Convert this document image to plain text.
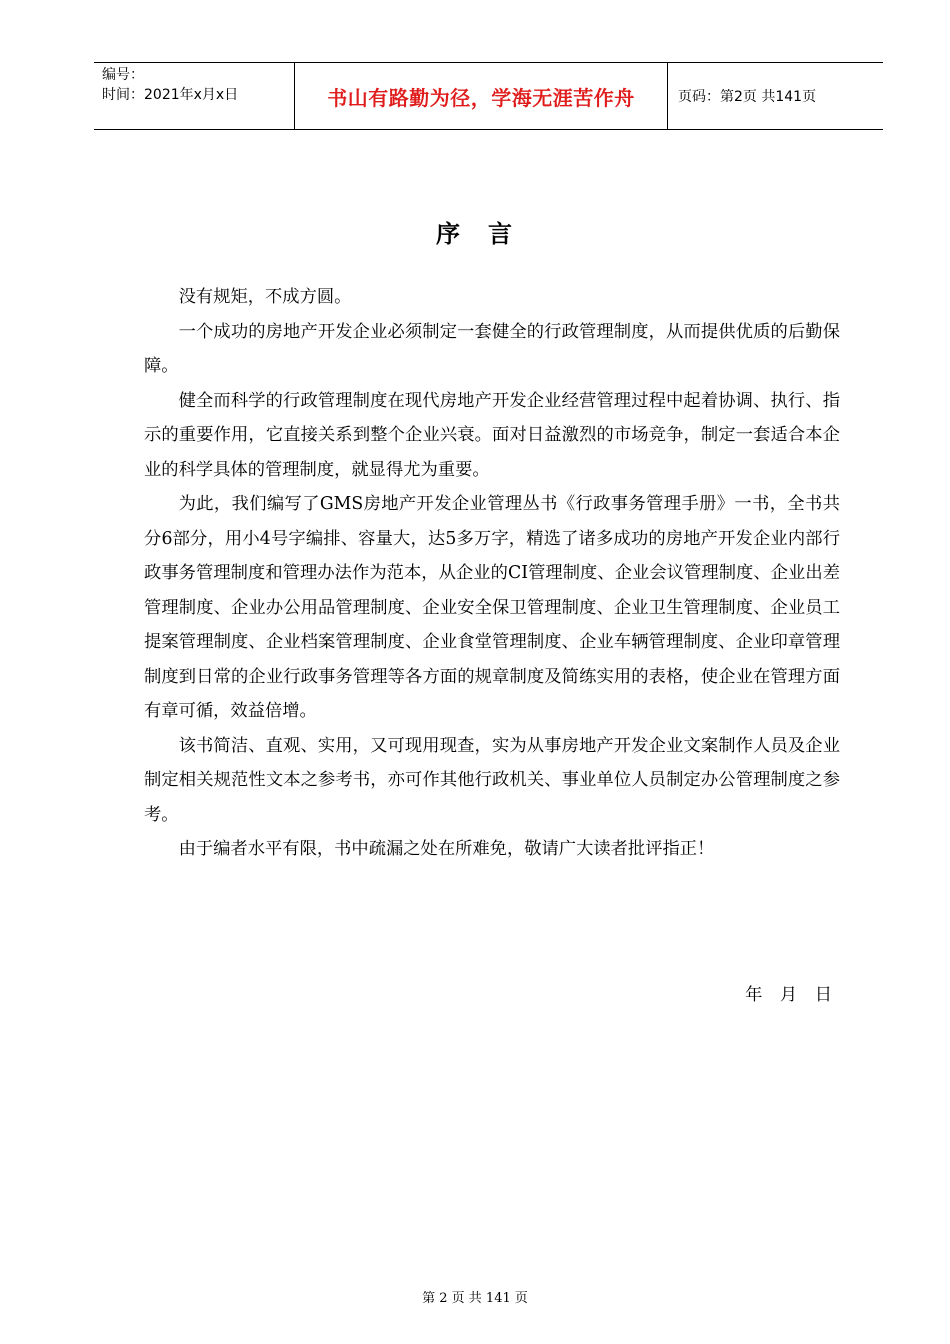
编号：
时间：2021年x月x日	书山有路勤为径，学海无涯苦作舟	页码：第2页 共141页
序　言

没有规矩，不成方圆。

一个成功的房地产开发企业必须制定一套健全的行政管理制度，从而提供优质的后勤保障。

健全而科学的行政管理制度在现代房地产开发企业经营管理过程中起着协调、执行、指示的重要作用，它直接关系到整个企业兴衰。面对日益激烈的市场竞争，制定一套适合本企业的科学具体的管理制度，就显得尤为重要。

为此，我们编写了GMS房地产开发企业管理丛书《行政事务管理手册》一书，全书共分6部分，用小4号字编排、容量大，达5多万字，精选了诸多成功的房地产开发企业内部行政事务管理制度和管理办法作为范本，从企业的CI管理制度、企业会议管理制度、企业出差管理制度、企业办公用品管理制度、企业安全保卫管理制度、企业卫生管理制度、企业员工提案管理制度、企业档案管理制度、企业食堂管理制度、企业车辆管理制度、企业印章管理制度到日常的企业行政事务管理等各方面的规章制度及简练实用的表格，使企业在管理方面有章可循，效益倍增。

该书简洁、直观、实用，又可现用现查，实为从事房地产开发企业文案制作人员及企业制定相关规范性文本之参考书，亦可作其他行政机关、事业单位人员制定办公管理制度之参考。

由于编者水平有限，书中疏漏之处在所难免，敬请广大读者批评指正！

年 月 日
第 2 页 共 141 页
